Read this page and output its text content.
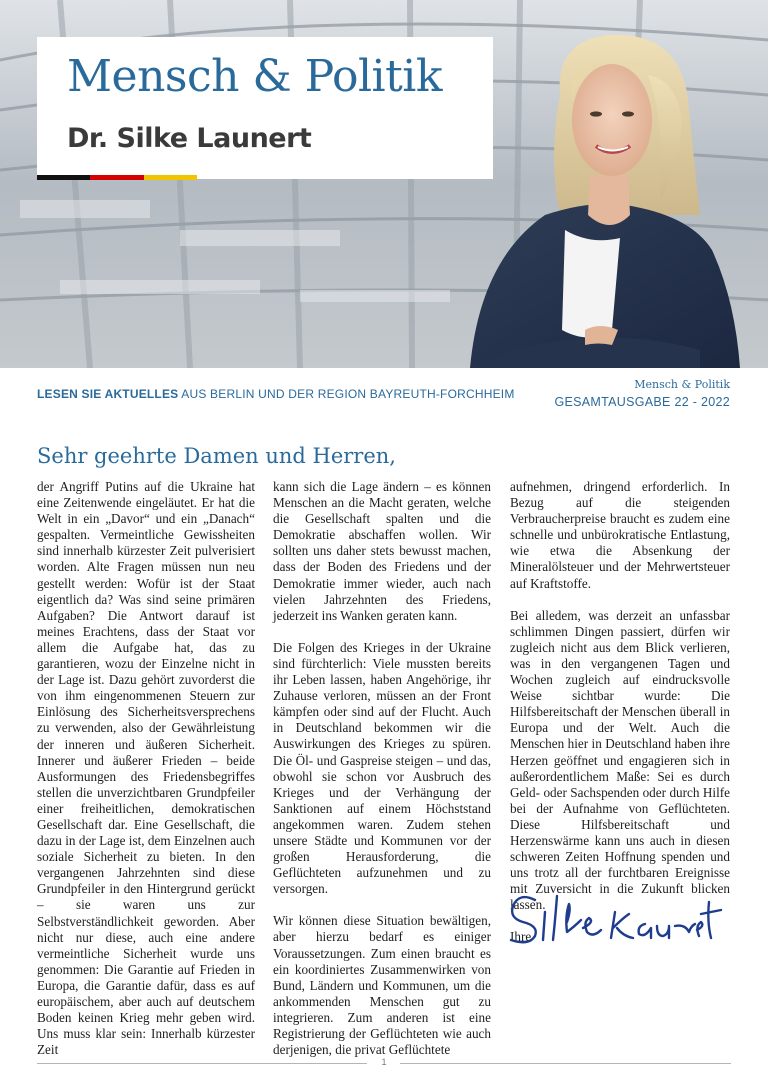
Mensch & Politik
Dr. Silke Launert
LESEN SIE AKTUELLES AUS BERLIN UND DER REGION BAYREUTH-FORCHHEIM
Mensch & Politik
GESAMTAUSGABE 22 - 2022
Sehr geehrte Damen und Herren,

der Angriff Putins auf die Ukraine hat eine Zeitenwende eingeläutet. Er hat die Welt in ein „Davor“ und ein „Danach“ gespalten. Vermeintliche Gewissheiten sind innerhalb kürzester Zeit pulverisiert worden. Alte Fragen müssen nun neu gestellt werden: Wofür ist der Staat eigentlich da? Was sind seine primären Aufgaben? Die Antwort darauf ist meines Erachtens, dass der Staat vor allem die Aufgabe hat, das zu garantieren, wozu der Einzelne nicht in der Lage ist. Dazu gehört zuvorderst die von ihm eingenommenen Steuern zur Einlösung des Sicherheitsversprechens zu verwenden, also der Gewährleistung der inneren und äußeren Sicherheit. Innerer und äußerer Frieden – beide Ausformungen des Friedensbegriffes stellen die unverzichtbaren Grundpfeiler einer freiheitlichen, demokratischen Gesellschaft dar. Eine Gesellschaft, die dazu in der Lage ist, dem Einzelnen auch soziale Sicherheit zu bieten. In den vergangenen Jahrzehnten sind diese Grundpfeiler in den Hintergrund gerückt – sie waren uns zur Selbstverständlichkeit geworden. Aber nicht nur diese, auch eine andere vermeintliche Sicherheit wurde uns genommen: Die Garantie auf Frieden in Europa, die Garantie dafür, dass es auf europäischem, aber auch auf deutschem Boden keinen Krieg mehr geben wird. Uns muss klar sein: Innerhalb kürzester Zeit

kann sich die Lage ändern – es können Menschen an die Macht geraten, welche die Gesellschaft spalten und die Demokratie abschaffen wollen. Wir sollten uns daher stets bewusst machen, dass der Boden des Friedens und der Demokratie immer wieder, auch nach vielen Jahrzehnten des Friedens, jederzeit ins Wanken geraten kann.

Die Folgen des Krieges in der Ukraine sind fürchterlich: Viele mussten bereits ihr Leben lassen, haben Angehörige, ihr Zuhause verloren, müssen an der Front kämpfen oder sind auf der Flucht. Auch in Deutschland bekommen wir die Auswirkungen des Krieges zu spüren. Die Öl- und Gaspreise steigen – und das, obwohl sie schon vor Ausbruch des Krieges und der Verhängung der Sanktionen auf einem Höchststand angekommen waren. Zudem stehen unsere Städte und Kommunen vor der großen Herausforderung, die Geflüchteten aufzunehmen und zu versorgen.

Wir können diese Situation bewältigen, aber hierzu bedarf es einiger Voraussetzungen. Zum einen braucht es ein koordiniertes Zusammenwirken von Bund, Ländern und Kommunen, um die ankommenden Menschen gut zu integrieren. Zum anderen ist eine Registrierung der Geflüchteten wie auch derjenigen, die privat Geflüchtete

aufnehmen, dringend erforderlich. In Bezug auf die steigenden Verbraucherpreise braucht es zudem eine schnelle und unbürokratische Entlastung, wie etwa die Absenkung der Mineralölsteuer und der Mehrwertsteuer auf Kraftstoffe.

Bei alledem, was derzeit an unfassbar schlimmen Dingen passiert, dürfen wir zugleich nicht aus dem Blick verlieren, was in den vergangenen Tagen und Wochen zugleich auf eindrucksvolle Weise sichtbar wurde: Die Hilfsbereitschaft der Menschen überall in Europa und der Welt. Auch die Menschen hier in Deutschland haben ihre Herzen geöffnet und engagieren sich in außerordentlichem Maße: Sei es durch Geld- oder Sachspenden oder durch Hilfe bei der Aufnahme von Geflüchteten. Diese Hilfsbereitschaft und Herzenswärme kann uns auch in diesen schweren Zeiten Hoffnung spenden und uns trotz all der furchtbaren Ereignisse mit Zuversicht in die Zukunft blicken lassen.

Ihre

1
